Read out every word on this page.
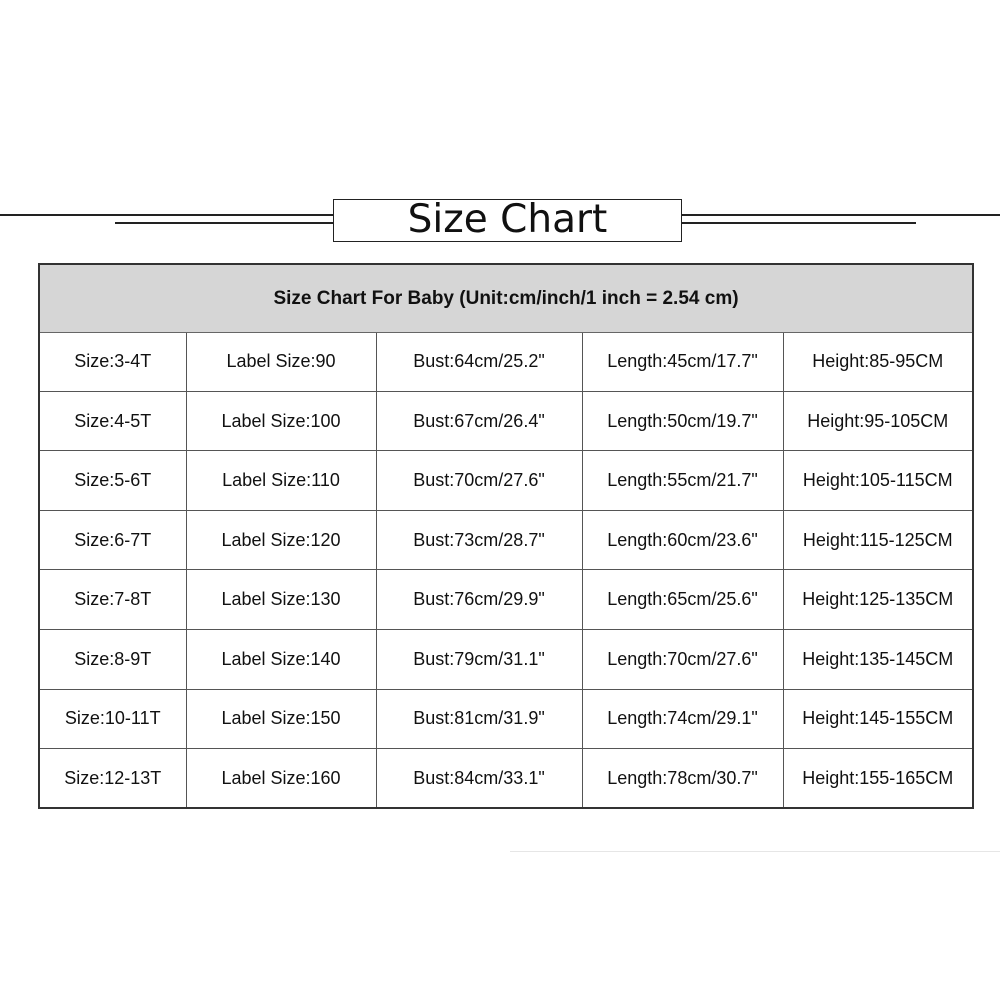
Size Chart
Size Chart For Baby (Unit:cm/inch/1 inch = 2.54 cm)
Size:3-4T	Label Size:90	Bust:64cm/25.2"	Length:45cm/17.7"	Height:85-95CM
Size:4-5T	Label Size:100	Bust:67cm/26.4"	Length:50cm/19.7"	Height:95-105CM
Size:5-6T	Label Size:110	Bust:70cm/27.6"	Length:55cm/21.7"	Height:105-115CM
Size:6-7T	Label Size:120	Bust:73cm/28.7"	Length:60cm/23.6"	Height:115-125CM
Size:7-8T	Label Size:130	Bust:76cm/29.9"	Length:65cm/25.6"	Height:125-135CM
Size:8-9T	Label Size:140	Bust:79cm/31.1"	Length:70cm/27.6"	Height:135-145CM
Size:10-11T	Label Size:150	Bust:81cm/31.9"	Length:74cm/29.1"	Height:145-155CM
Size:12-13T	Label Size:160	Bust:84cm/33.1"	Length:78cm/30.7"	Height:155-165CM
